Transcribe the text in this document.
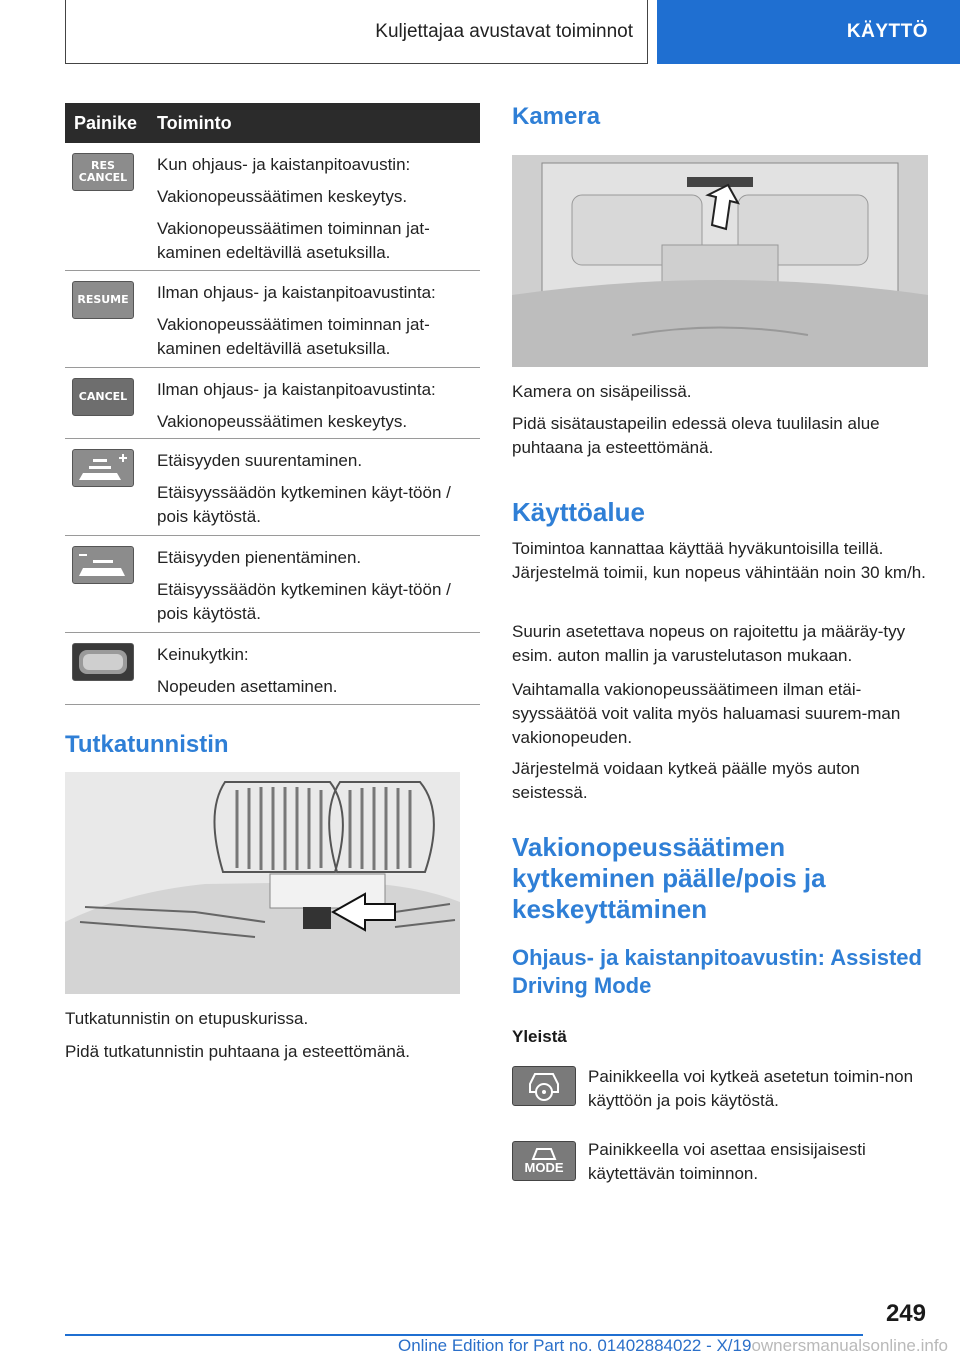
Kuljettajaa avustavat toiminnot	KÄYTTÖ
Painike	Toiminto
RES
CANCEL

Kun ohjaus- ja kaistanpitoavustin:

Vakionopeussäätimen keskeytys.

Vakionopeussäätimen toiminnan jat-kaminen edeltävillä asetuksilla.

RESUME Ilman ohjaus- ja kaistanpitoavustinta:

Vakionopeussäätimen toiminnan jat-kaminen edeltävillä asetuksilla.

CANCEL Ilman ohjaus- ja kaistanpitoavustinta:

Vakionopeussäätimen keskeytys.

Etäisyyden suurentaminen.

Etäisyyssäädön kytkeminen käyt-töön / pois käytöstä.

Etäisyyden pienentäminen.

Etäisyyssäädön kytkeminen käyt-töön / pois käytöstä.

Keinukytkin:

Nopeuden asettaminen.

Tutkatunnistin

Tutkatunnistin on etupuskurissa.

Pidä tutkatunnistin puhtaana ja esteettömänä.

Kamera

Kamera on sisäpeilissä.

Pidä sisätaustapeilin edessä oleva tuulilasin alue puhtaana ja esteettömänä.

Käyttöalue

Toimintoa kannattaa käyttää hyväkuntoisilla teillä. Järjestelmä toimii, kun nopeus vähintään noin 30 km/h.

Suurin asetettava nopeus on rajoitettu ja määräy-tyy esim. auton mallin ja varustelutason mukaan.

Vaihtamalla vakionopeussäätimeen ilman etäi-syyssäätöä voit valita myös haluamasi suurem-man vakionopeuden.

Järjestelmä voidaan kytkeä päälle myös auton seistessä.

Vakionopeussäätimen kytkeminen päälle/pois ja keskeyttäminen
Ohjaus- ja kaistanpitoavustin: Assisted Driving Mode
Yleistä

Painikkeella voi kytkeä asetetun toimin-non käyttöön ja pois käytöstä.

MODE

Painikkeella voi asettaa ensisijaisesti käytettävän toiminnon.

249
Online Edition for Part no. 01402884022 - X/19ownersmanualsonline.info
